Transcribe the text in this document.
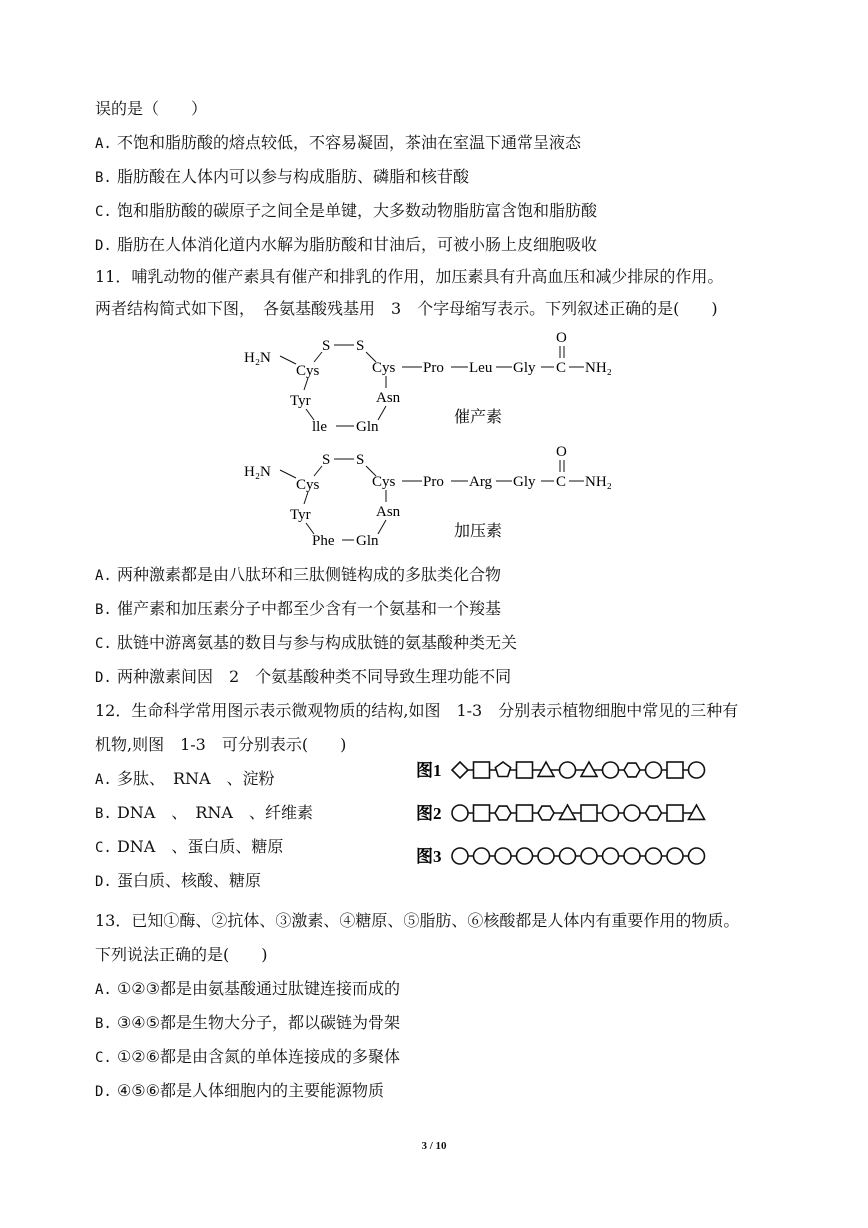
误的是（　　）
A. 不饱和脂肪酸的熔点较低，不容易凝固，茶油在室温下通常呈液态
B. 脂肪酸在人体内可以参与构成脂肪、磷脂和核苷酸
C. 饱和脂肪酸的碳原子之间全是单键，大多数动物脂肪富含饱和脂肪酸
D. 脂肪在人体消化道内水解为脂肪酸和甘油后，可被小肠上皮细胞吸收
11．哺乳动物的催产素具有催产和排乳的作用，加压素具有升高血压和减少排尿的作用。
两者结构简式如下图，　各氨基酸残基用　3　个字母缩写表示。下列叙述正确的是(　　)
H₂N
S S
Cys	Cys Pro Leu Gly
O
C NH₂
Tyr	Asn
lle Gln
催产素
H₂N
S S
Cys	Cys Pro Arg Gly
O
C NH₂
Tyr	Asn
Phe Gln
加压素
A. 两种激素都是由八肽环和三肽侧链构成的多肽类化合物
B. 催产素和加压素分子中都至少含有一个氨基和一个羧基
C. 肽链中游离氨基的数目与参与构成肽链的氨基酸种类无关
D. 两种激素间因　2　个氨基酸种类不同导致生理功能不同
12．生命科学常用图示表示微观物质的结构,如图　1-3　分别表示植物细胞中常见的三种有
机物,则图　1-3　可分别表示(　　)
A. 多肽、　RNA　、淀粉
B. DNA　、　RNA　、纤维素
C. DNA　、蛋白质、糖原
D. 蛋白质、核酸、糖原
图1
图2
图3
13．已知①酶、②抗体、③激素、④糖原、⑤脂肪、⑥核酸都是人体内有重要作用的物质。
下列说法正确的是(　　)
A. ①②③都是由氨基酸通过肽键连接而成的
B. ③④⑤都是生物大分子，都以碳链为骨架
C. ①②⑥都是由含氮的单体连接成的多聚体
D. ④⑤⑥都是人体细胞内的主要能源物质
3 / 10
